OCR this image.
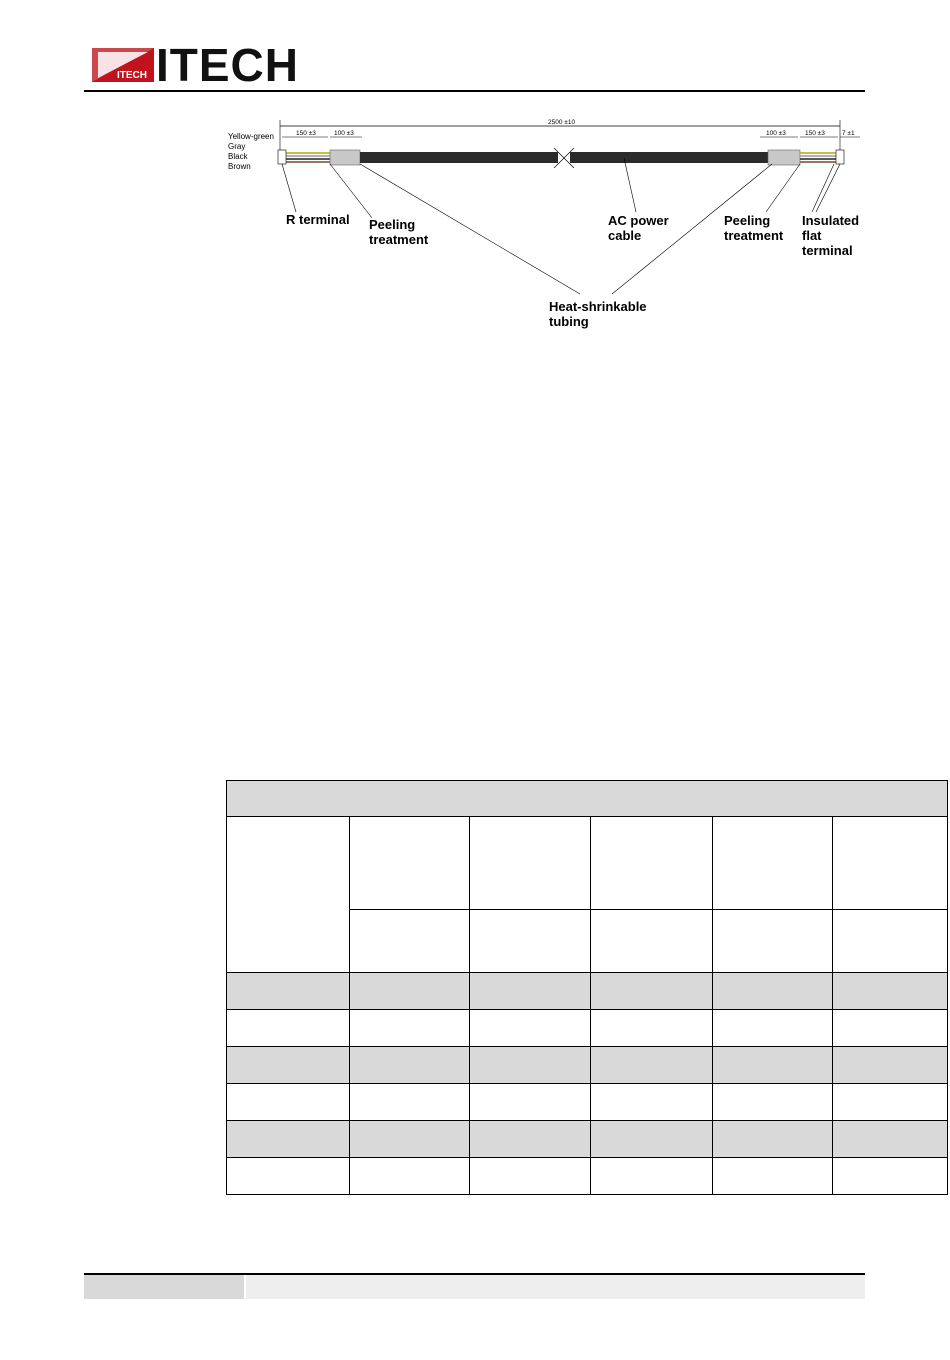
ITECH ITECH
2500 ±10
150 ±3	100 ±3	100 ±3	150 ±3	7 ±1
Yellow-green
Gray
Black
Brown
R terminal Peeling
treatment
AC power
cable
Peeling
treatment
Insulated
flat
terminal
Heat-shrinkable
tubing
